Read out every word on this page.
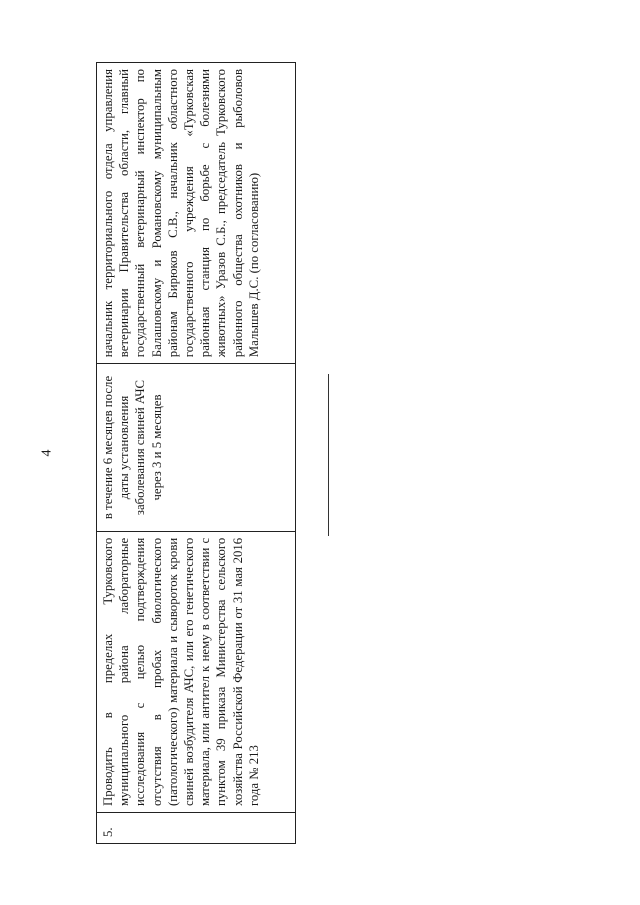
4
5.
Проводить в пределах Турковского муниципального района лабораторные исследования с целью подтверждения отсутствия в пробах биологического (патологического) материала и сывороток крови свиней возбудителя АЧС, или его генетического материала, или антител к нему в соответствии с пунктом 39 приказа Министерства сельского хозяйства Российской Федерации от 31 мая 2016 года № 213
в течение 6 месяцев после даты установления заболевания свиней АЧС через 3 и 5 месяцев
начальник территориального отдела управления ветеринарии Правительства области, главный государственный ветеринарный инспектор по Балашовскому и Романовскому муниципальным районам Бирюков С.В., начальник областного государственного учреждения «Турковская районная станция по борьбе с болезнями животных» Уразов С.Б., председатель Турковского районного общества охотников и рыболовов Малышев Д.С. (по согласованию)
